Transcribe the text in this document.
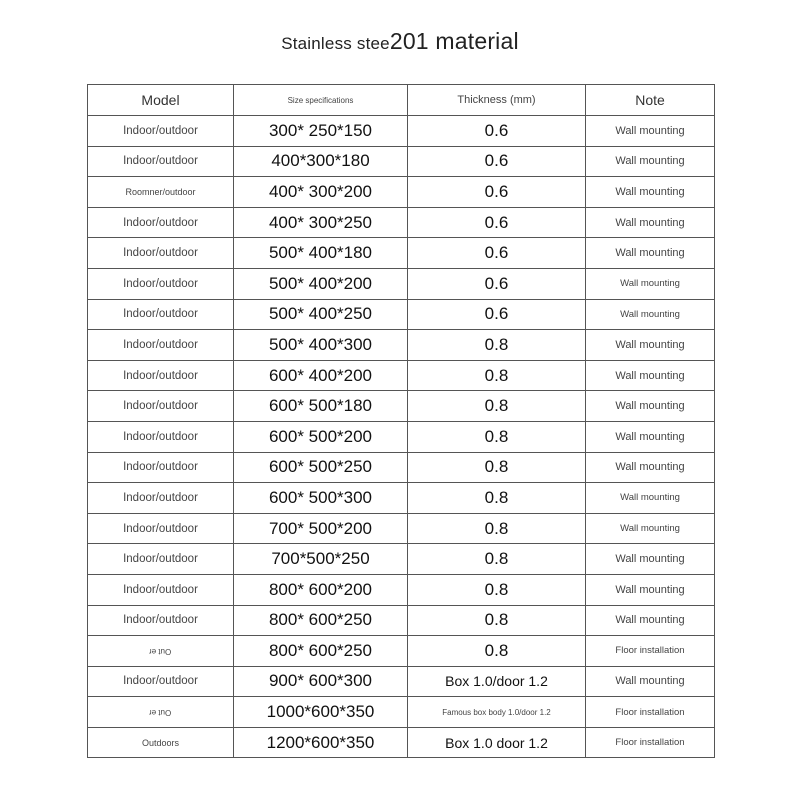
Stainless stee201 material
Model	Size specifications	Thickness (mm)	Note
Indoor/outdoor	300* 250*150	0.6	Wall mounting
Indoor/outdoor	400*300*180	0.6	Wall mounting
Roomner/outdoor	400* 300*200	0.6	Wall mounting
Indoor/outdoor	400* 300*250	0.6	Wall mounting
Indoor/outdoor	500* 400*180	0.6	Wall mounting
Indoor/outdoor	500* 400*200	0.6	Wall mounting
Indoor/outdoor	500* 400*250	0.6	Wall mounting
Indoor/outdoor	500* 400*300	0.8	Wall mounting
Indoor/outdoor	600* 400*200	0.8	Wall mounting
Indoor/outdoor	600* 500*180	0.8	Wall mounting
Indoor/outdoor	600* 500*200	0.8	Wall mounting
Indoor/outdoor	600* 500*250	0.8	Wall mounting
Indoor/outdoor	600* 500*300	0.8	Wall mounting
Indoor/outdoor	700* 500*200	0.8	Wall mounting
Indoor/outdoor	700*500*250	0.8	Wall mounting
Indoor/outdoor	800* 600*200	0.8	Wall mounting
Indoor/outdoor	800* 600*250	0.8	Wall mounting
Out er	800* 600*250	0.8	Floor installation
Indoor/outdoor	900* 600*300	Box 1.0/door 1.2	Wall mounting
Out er	1000*600*350	Famous box body 1.0/door 1.2	Floor installation
Outdoors	1200*600*350	Box 1.0 door 1.2	Floor installation
